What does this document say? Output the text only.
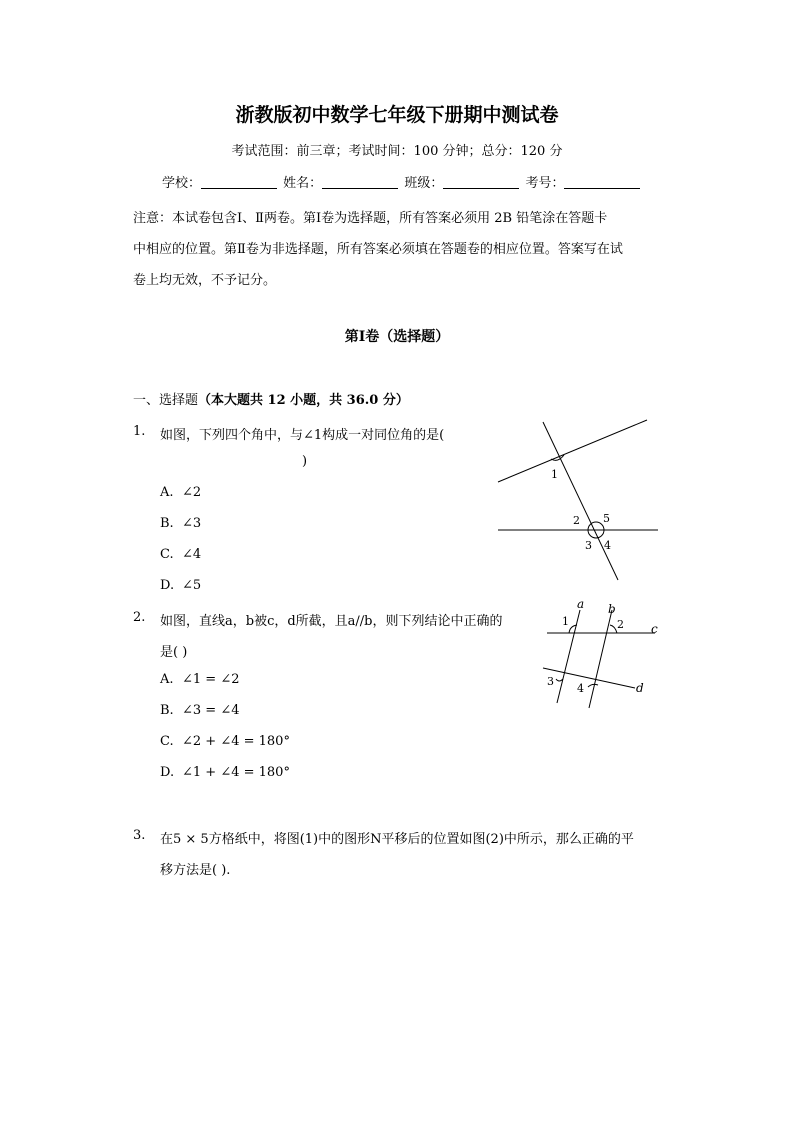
浙教版初中数学七年级下册期中测试卷
考试范围：前三章；考试时间：100 分钟；总分：120 分
学校：	姓名：	班级：	考号：

注意：本试卷包含Ⅰ、Ⅱ两卷。第Ⅰ卷为选择题，所有答案必须用 2B 铅笔涂在答题卡

中相应的位置。第Ⅱ卷为非选择题，所有答案必须填在答题卷的相应位置。答案写在试

卷上均无效，不予记分。

第Ⅰ卷（选择题）
一、选择题（本大题共 12 小题，共 36.0 分）
1. 如图，下列四个角中，与∠1构成一对同位角的是(
)
A. ∠2
B. ∠3
C. ∠4
D. ∠5
1
2 5
3 4
2. 如图，直线a，b被c，d所截，且a//b，则下列结论中正确的
是( )
A. ∠1 = ∠2
B. ∠3 = ∠4
C. ∠2 + ∠4 = 180°
D. ∠1 + ∠4 = 180°
a b
c
d
1	2
3
4
3. 在5 × 5方格纸中，将图(1)中的图形N平移后的位置如图(2)中所示，那么正确的平
移方法是( ).
